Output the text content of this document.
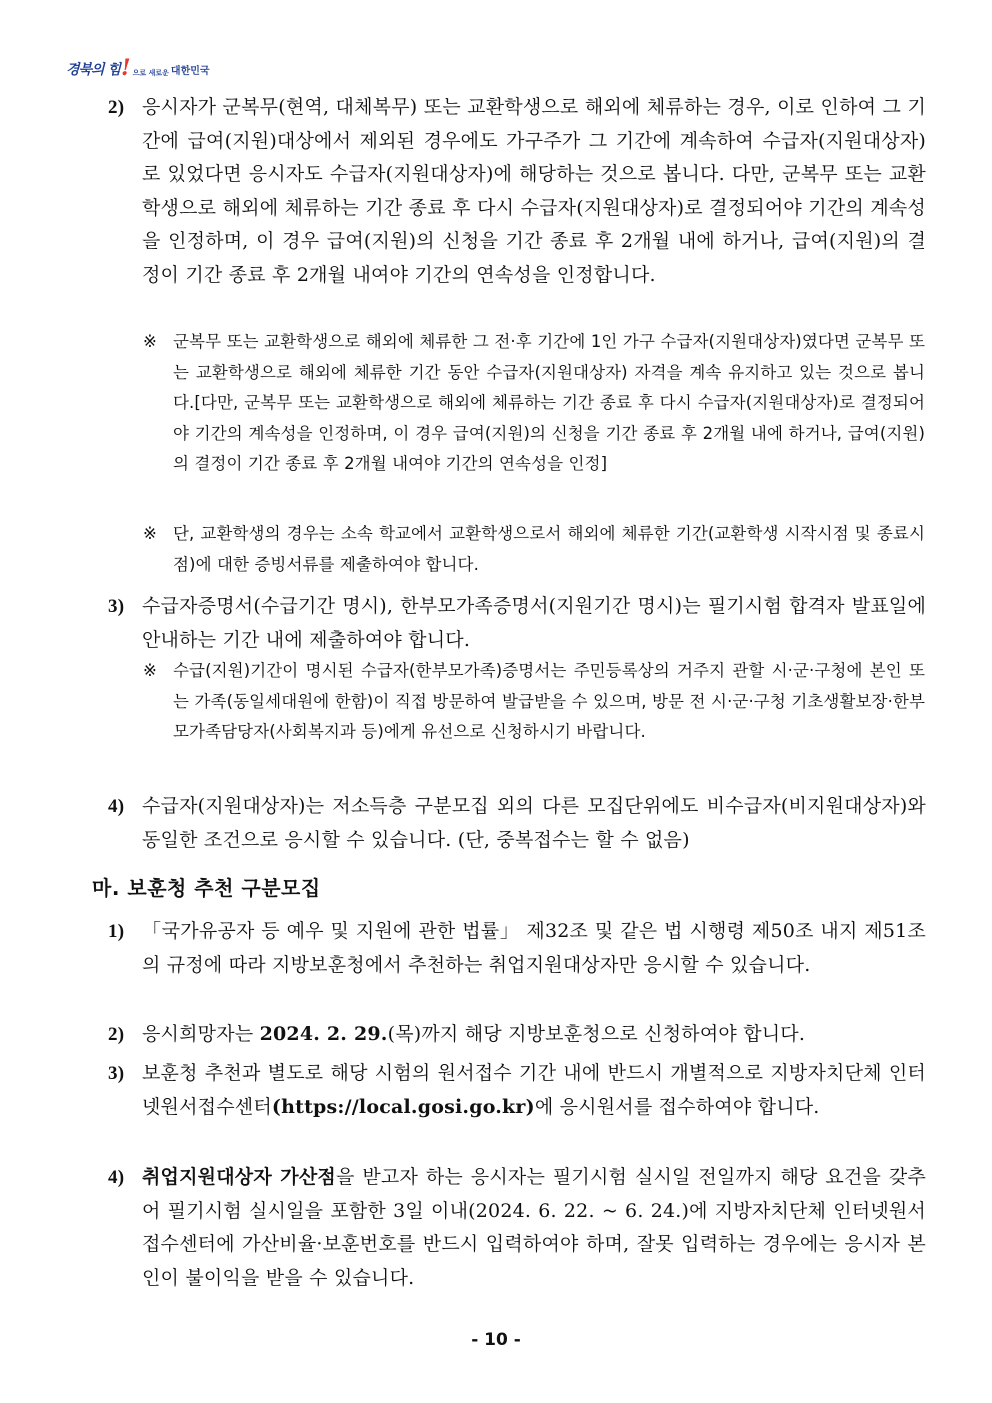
경북의 힘 ! 으로 새로운 대한민국
2) 응시자가 군복무(현역, 대체복무) 또는 교환학생으로 해외에 체류하는 경우, 이로 인하여 그 기간에 급여(지원)대상에서 제외된 경우에도 가구주가 그 기간에 계속하여 수급자(지원대상자)로 있었다면 응시자도 수급자(지원대상자)에 해당하는 것으로 봅니다. 다만, 군복무 또는 교환학생으로 해외에 체류하는 기간 종료 후 다시 수급자(지원대상자)로 결정되어야 기간의 계속성을 인정하며, 이 경우 급여(지원)의 신청을 기간 종료 후 2개월 내에 하거나, 급여(지원)의 결정이 기간 종료 후 2개월 내여야 기간의 연속성을 인정합니다.
※ 군복무 또는 교환학생으로 해외에 체류한 그 전·후 기간에 1인 가구 수급자(지원대상자)였다면 군복무 또는 교환학생으로 해외에 체류한 기간 동안 수급자(지원대상자) 자격을 계속 유지하고 있는 것으로 봅니다.[다만, 군복무 또는 교환학생으로 해외에 체류하는 기간 종료 후 다시 수급자(지원대상자)로 결정되어야 기간의 계속성을 인정하며, 이 경우 급여(지원)의 신청을 기간 종료 후 2개월 내에 하거나, 급여(지원)의 결정이 기간 종료 후 2개월 내여야 기간의 연속성을 인정]
※ 단, 교환학생의 경우는 소속 학교에서 교환학생으로서 해외에 체류한 기간(교환학생 시작시점 및 종료시점)에 대한 증빙서류를 제출하여야 합니다.
3) 수급자증명서(수급기간 명시), 한부모가족증명서(지원기간 명시)는 필기시험 합격자 발표일에 안내하는 기간 내에 제출하여야 합니다.
※ 수급(지원)기간이 명시된 수급자(한부모가족)증명서는 주민등록상의 거주지 관할 시·군·구청에 본인 또는 가족(동일세대원에 한함)이 직접 방문하여 발급받을 수 있으며, 방문 전 시·군·구청 기초생활보장·한부모가족담당자(사회복지과 등)에게 유선으로 신청하시기 바랍니다.
4) 수급자(지원대상자)는 저소득층 구분모집 외의 다른 모집단위에도 비수급자(비지원대상자)와 동일한 조건으로 응시할 수 있습니다. (단, 중복접수는 할 수 없음)
마. 보훈청 추천 구분모집
1) 「국가유공자 등 예우 및 지원에 관한 법률」 제32조 및 같은 법 시행령 제50조 내지 제51조의 규정에 따라 지방보훈청에서 추천하는 취업지원대상자만 응시할 수 있습니다.
2) 응시희망자는 2024. 2. 29.(목)까지 해당 지방보훈청으로 신청하여야 합니다.
3) 보훈청 추천과 별도로 해당 시험의 원서접수 기간 내에 반드시 개별적으로 지방자치단체 인터넷원서접수센터(https://local.gosi.go.kr)에 응시원서를 접수하여야 합니다.
4) 취업지원대상자 가산점을 받고자 하는 응시자는 필기시험 실시일 전일까지 해당 요건을 갖추어 필기시험 실시일을 포함한 3일 이내(2024. 6. 22. ~ 6. 24.)에 지방자치단체 인터넷원서접수센터에 가산비율·보훈번호를 반드시 입력하여야 하며, 잘못 입력하는 경우에는 응시자 본인이 불이익을 받을 수 있습니다.
- 10 -
